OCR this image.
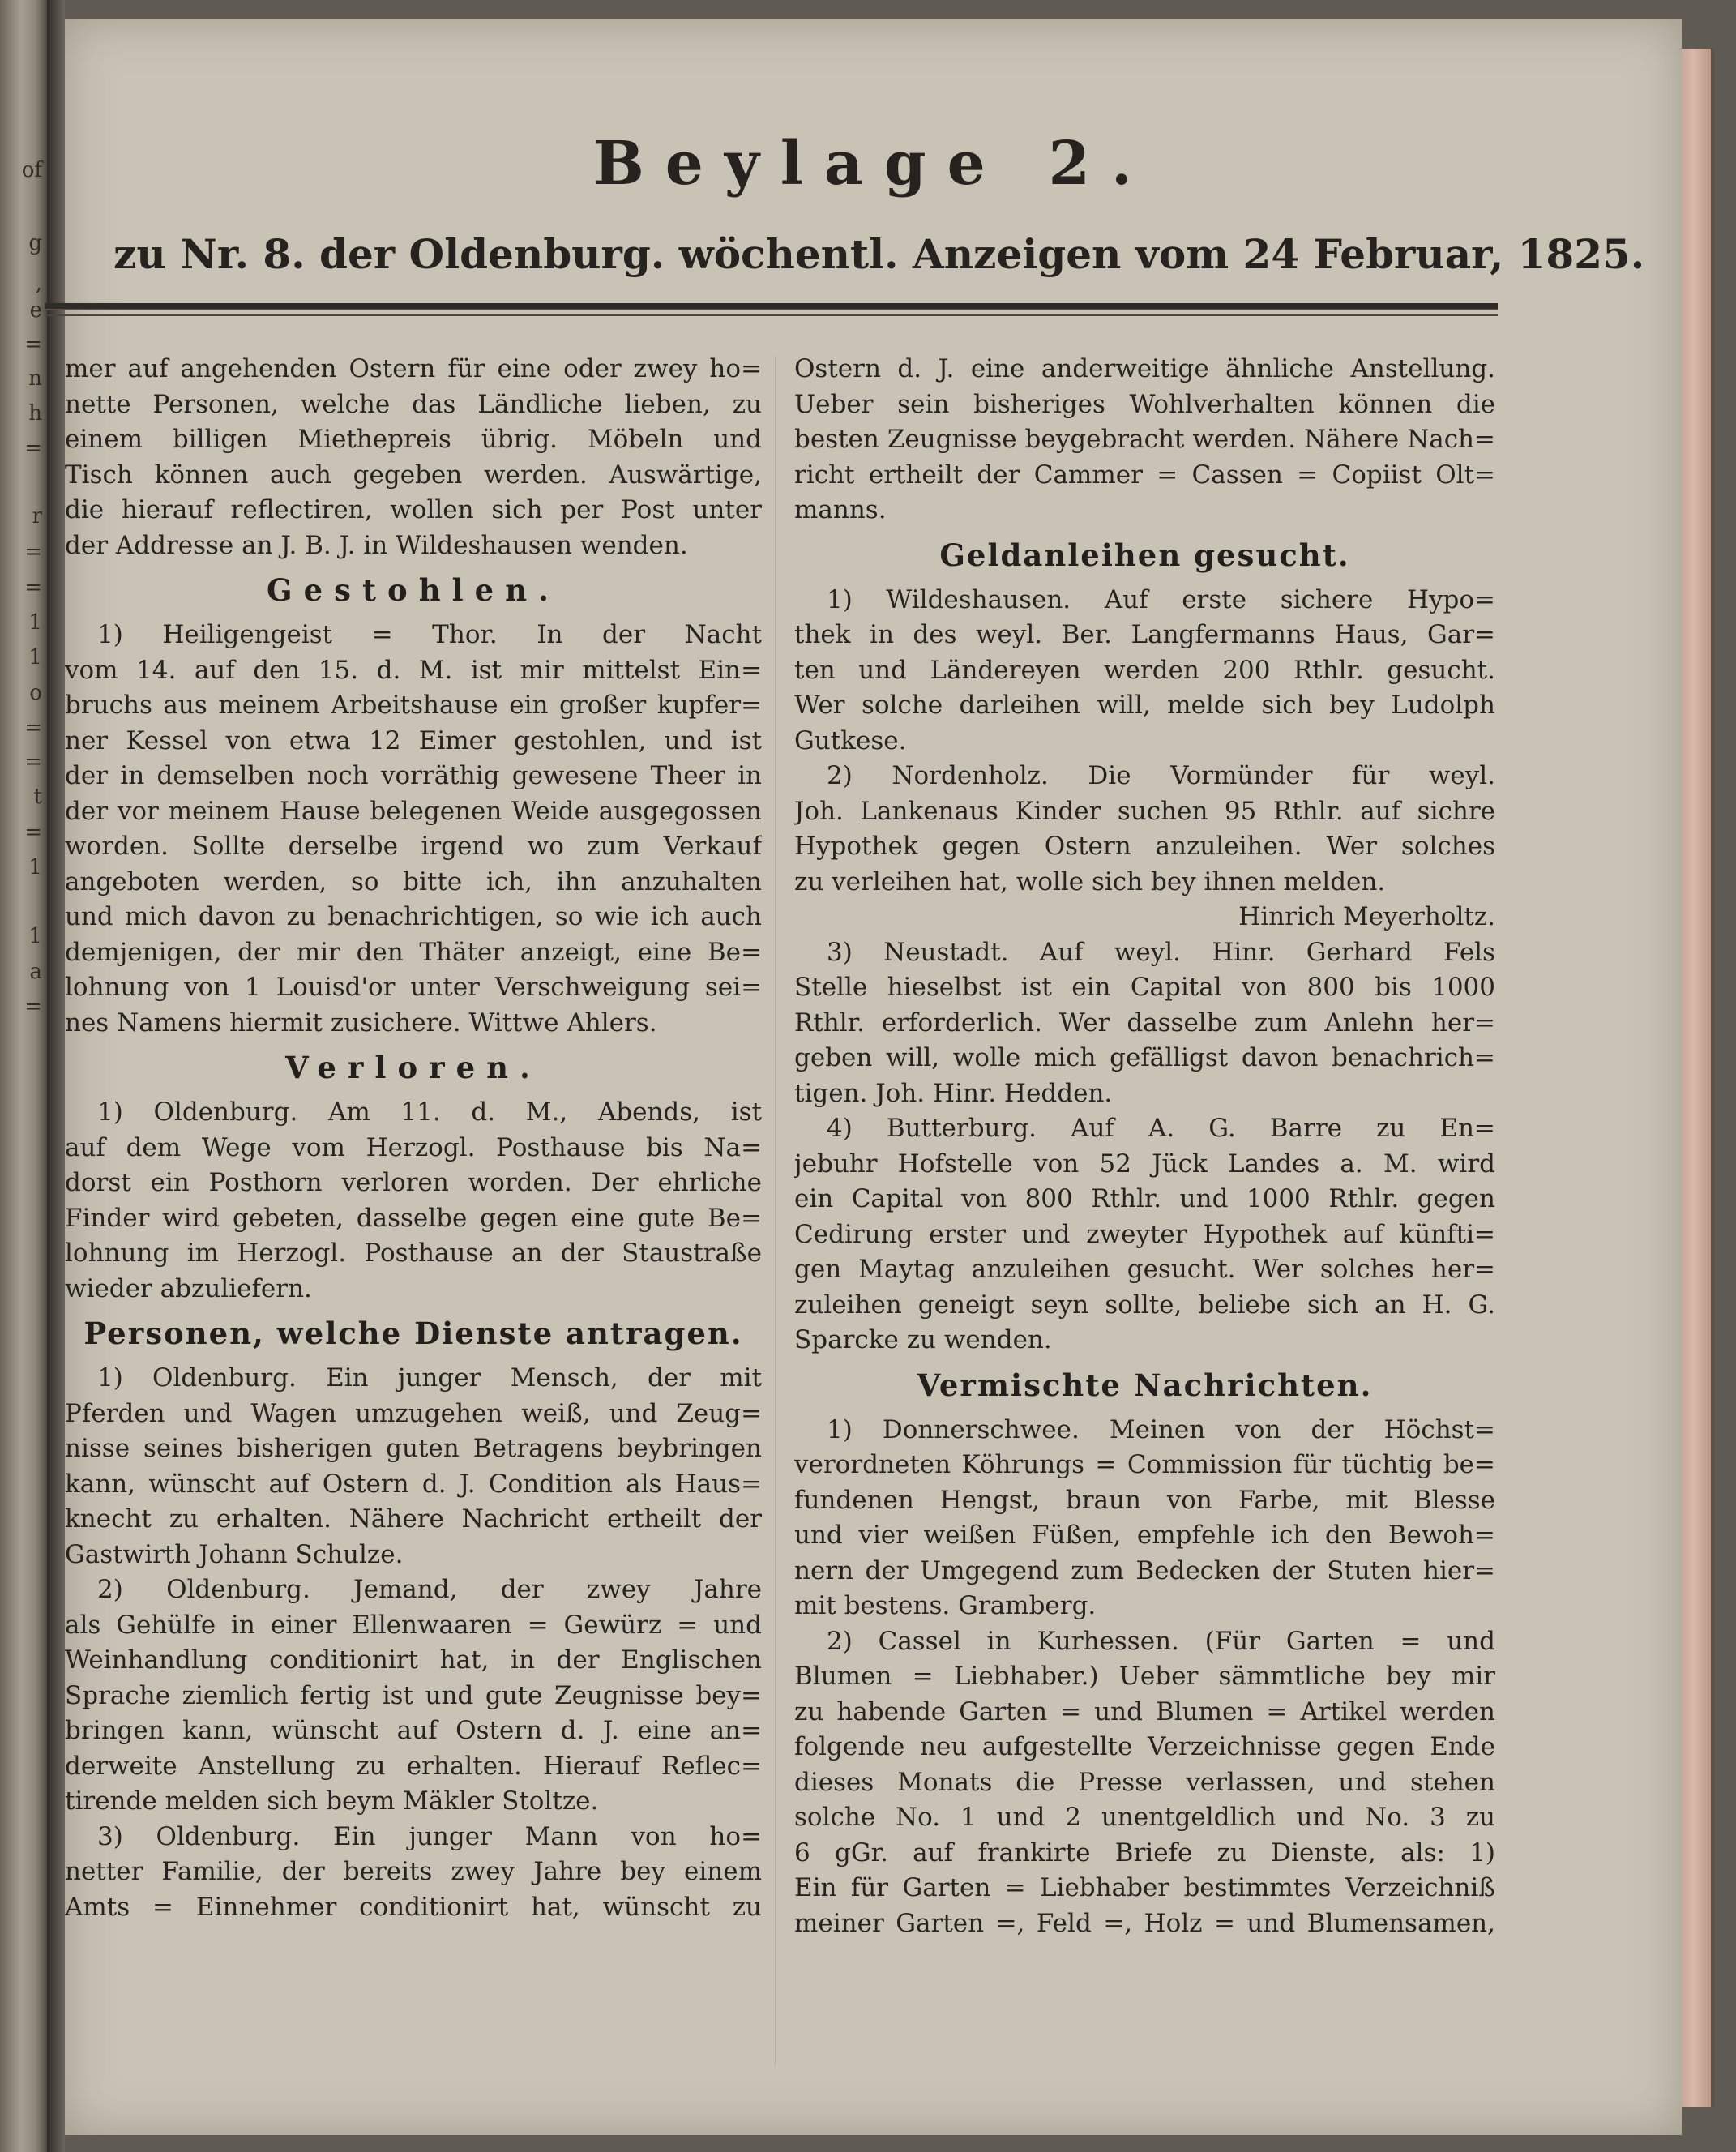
of
g
,
e
=
n
h
=
r
=
=
1
1
o
=
=
t
=
1
1
a
=
Beylage 2.
zu Nr. 8. der Oldenburg. wöchentl. Anzeigen vom 24 Februar, 1825.
mer auf angehenden Ostern für eine oder zwey ho=
nette Personen, welche das Ländliche lieben, zu
einem billigen Miethepreis übrig. Möbeln und
Tisch können auch gegeben werden. Auswärtige,
die hierauf reflectiren, wollen sich per Post unter
der Addresse an J. B. J. in Wildeshausen wenden.
Gestohlen.
1) Heiligengeist = Thor. In der Nacht
vom 14. auf den 15. d. M. ist mir mittelst Ein=
bruchs aus meinem Arbeitshause ein großer kupfer=
ner Kessel von etwa 12 Eimer gestohlen, und ist
der in demselben noch vorräthig gewesene Theer in
der vor meinem Hause belegenen Weide ausgegossen
worden. Sollte derselbe irgend wo zum Verkauf
angeboten werden, so bitte ich, ihn anzuhalten
und mich davon zu benachrichtigen, so wie ich auch
demjenigen, der mir den Thäter anzeigt, eine Be=
lohnung von 1 Louisd'or unter Verschweigung sei=
nes Namens hiermit zusichere. Wittwe Ahlers.
Verloren.
1) Oldenburg. Am 11. d. M., Abends, ist
auf dem Wege vom Herzogl. Posthause bis Na=
dorst ein Posthorn verloren worden. Der ehrliche
Finder wird gebeten, dasselbe gegen eine gute Be=
lohnung im Herzogl. Posthause an der Staustraße
wieder abzuliefern.
Personen, welche Dienste antragen.
1) Oldenburg. Ein junger Mensch, der mit
Pferden und Wagen umzugehen weiß, und Zeug=
nisse seines bisherigen guten Betragens beybringen
kann, wünscht auf Ostern d. J. Condition als Haus=
knecht zu erhalten. Nähere Nachricht ertheilt der
Gastwirth Johann Schulze.
2) Oldenburg. Jemand, der zwey Jahre
als Gehülfe in einer Ellenwaaren = Gewürz = und
Weinhandlung conditionirt hat, in der Englischen
Sprache ziemlich fertig ist und gute Zeugnisse bey=
bringen kann, wünscht auf Ostern d. J. eine an=
derweite Anstellung zu erhalten. Hierauf Reflec=
tirende melden sich beym Mäkler Stoltze.
3) Oldenburg. Ein junger Mann von ho=
netter Familie, der bereits zwey Jahre bey einem
Amts = Einnehmer conditionirt hat, wünscht zu
Ostern d. J. eine anderweitige ähnliche Anstellung.
Ueber sein bisheriges Wohlverhalten können die
besten Zeugnisse beygebracht werden. Nähere Nach=
richt ertheilt der Cammer = Cassen = Copiist Olt=
manns.
Geldanleihen gesucht.
1) Wildeshausen. Auf erste sichere Hypo=
thek in des weyl. Ber. Langfermanns Haus, Gar=
ten und Ländereyen werden 200 Rthlr. gesucht.
Wer solche darleihen will, melde sich bey Ludolph
Gutkese.
2) Nordenholz. Die Vormünder für weyl.
Joh. Lankenaus Kinder suchen 95 Rthlr. auf sichre
Hypothek gegen Ostern anzuleihen. Wer solches
zu verleihen hat, wolle sich bey ihnen melden.
Hinrich Meyerholtz.
3) Neustadt. Auf weyl. Hinr. Gerhard Fels
Stelle hieselbst ist ein Capital von 800 bis 1000
Rthlr. erforderlich. Wer dasselbe zum Anlehn her=
geben will, wolle mich gefälligst davon benachrich=
tigen. Joh. Hinr. Hedden.
4) Butterburg. Auf A. G. Barre zu En=
jebuhr Hofstelle von 52 Jück Landes a. M. wird
ein Capital von 800 Rthlr. und 1000 Rthlr. gegen
Cedirung erster und zweyter Hypothek auf künfti=
gen Maytag anzuleihen gesucht. Wer solches her=
zuleihen geneigt seyn sollte, beliebe sich an H. G.
Sparcke zu wenden.
Vermischte Nachrichten.
1) Donnerschwee. Meinen von der Höchst=
verordneten Köhrungs = Commission für tüchtig be=
fundenen Hengst, braun von Farbe, mit Blesse
und vier weißen Füßen, empfehle ich den Bewoh=
nern der Umgegend zum Bedecken der Stuten hier=
mit bestens. Gramberg.
2) Cassel in Kurhessen. (Für Garten = und
Blumen = Liebhaber.) Ueber sämmtliche bey mir
zu habende Garten = und Blumen = Artikel werden
folgende neu aufgestellte Verzeichnisse gegen Ende
dieses Monats die Presse verlassen, und stehen
solche No. 1 und 2 unentgeldlich und No. 3 zu
6 gGr. auf frankirte Briefe zu Dienste, als: 1)
Ein für Garten = Liebhaber bestimmtes Verzeichniß
meiner Garten =, Feld =, Holz = und Blumensamen,
